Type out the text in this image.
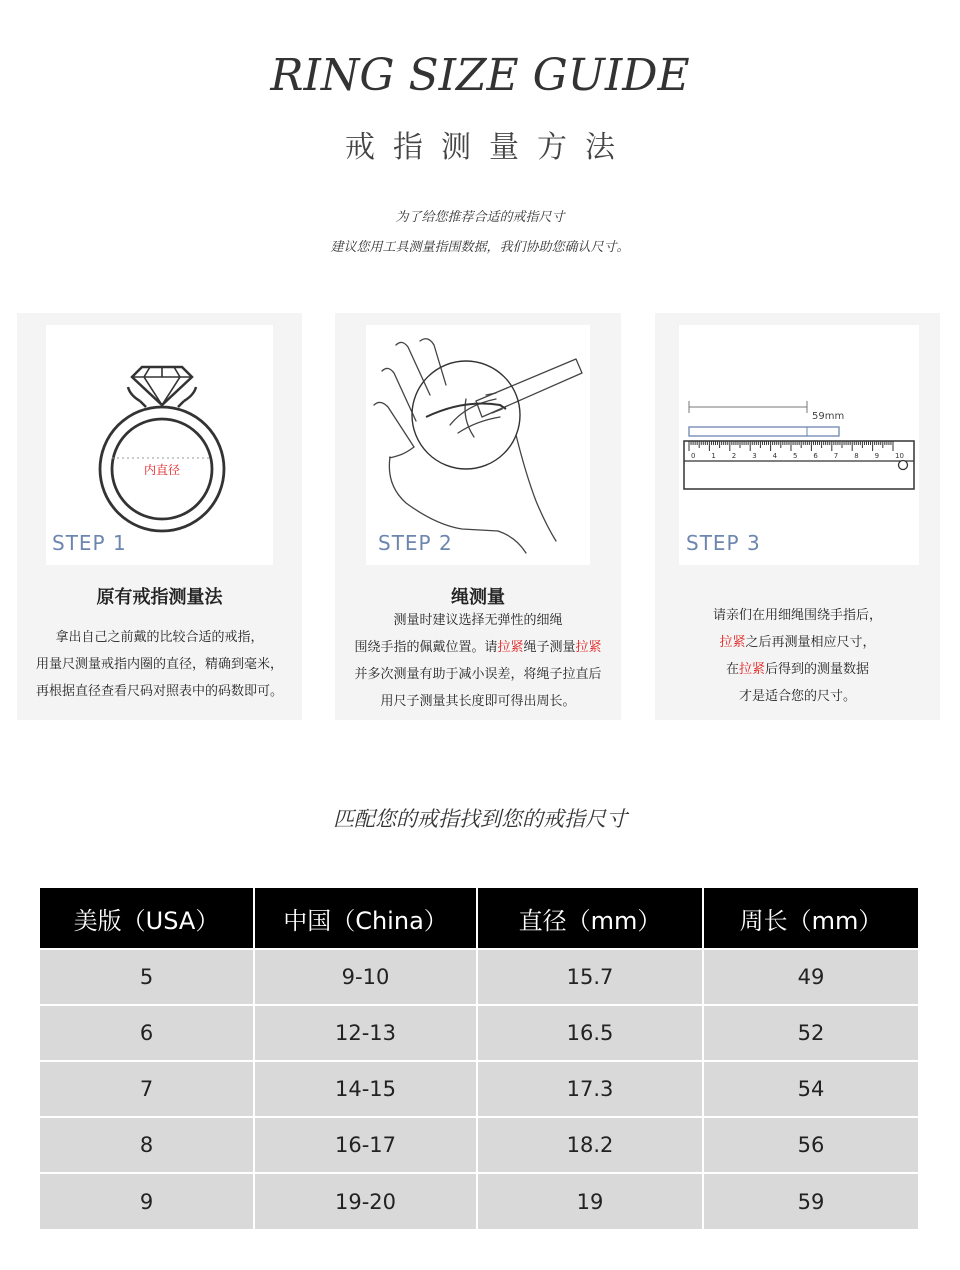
RING SIZE GUIDE
戒指测量方法
为了给您推荐合适的戒指尺寸
建议您用工具测量指围数据，我们协助您确认尺寸。
内直径
STEP 1
原有戒指测量法
拿出自己之前戴的比较合适的戒指，
用量尺测量戒指内圈的直径，精确到毫米，
再根据直径查看尺码对照表中的码数即可。
STEP 2
绳测量
测量时建议选择无弹性的细绳
围绕手指的佩戴位置。请拉紧绳子测量拉紧
并多次测量有助于减小误差，将绳子拉直后
用尺子测量其长度即可得出周长。
59mm
0 1 2 3 4 5 6 7 8 9 10
STEP 3
请亲们在用细绳围绕手指后，
拉紧之后再测量相应尺寸，
在拉紧后得到的测量数据
才是适合您的尺寸。
匹配您的戒指找到您的戒指尺寸
美版（USA）	中国（China）	直径（mm）	周长（mm）
5	9-10	15.7	49
6	12-13	16.5	52
7	14-15	17.3	54
8	16-17	18.2	56
9	19-20	19	59
